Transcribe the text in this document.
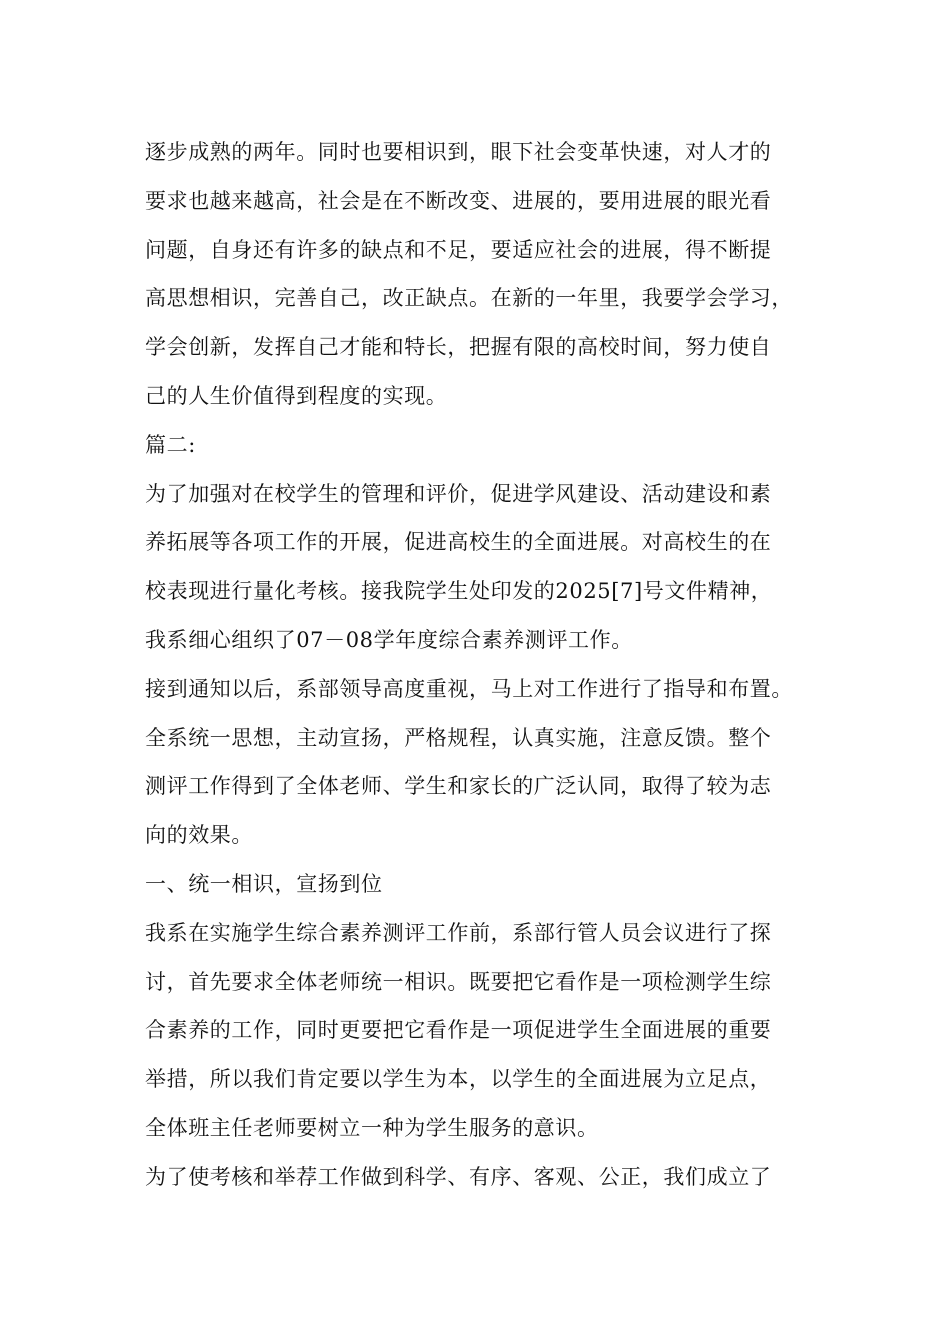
逐步成熟的两年。同时也要相识到，眼下社会变革快速，对人才的
要求也越来越高，社会是在不断改变、进展的，要用进展的眼光看
问题，自身还有许多的缺点和不足，要适应社会的进展，得不断提
高思想相识，完善自己，改正缺点。在新的一年里，我要学会学习，
学会创新，发挥自己才能和特长，把握有限的高校时间，努力使自
己的人生价值得到程度的实现。
篇二:
为了加强对在校学生的管理和评价，促进学风建设、活动建设和素
养拓展等各项工作的开展，促进高校生的全面进展。对高校生的在
校表现进行量化考核。接我院学生处印发的2025[7]号文件精神，
我系细心组织了07－08学年度综合素养测评工作。
接到通知以后，系部领导高度重视，马上对工作进行了指导和布置。
全系统一思想，主动宣扬，严格规程，认真实施，注意反馈。整个
测评工作得到了全体老师、学生和家长的广泛认同，取得了较为志
向的效果。
一、统一相识，宣扬到位
我系在实施学生综合素养测评工作前，系部行管人员会议进行了探
讨，首先要求全体老师统一相识。既要把它看作是一项检测学生综
合素养的工作，同时更要把它看作是一项促进学生全面进展的重要
举措，所以我们肯定要以学生为本，以学生的全面进展为立足点，
全体班主任老师要树立一种为学生服务的意识。
为了使考核和举荐工作做到科学、有序、客观、公正，我们成立了
